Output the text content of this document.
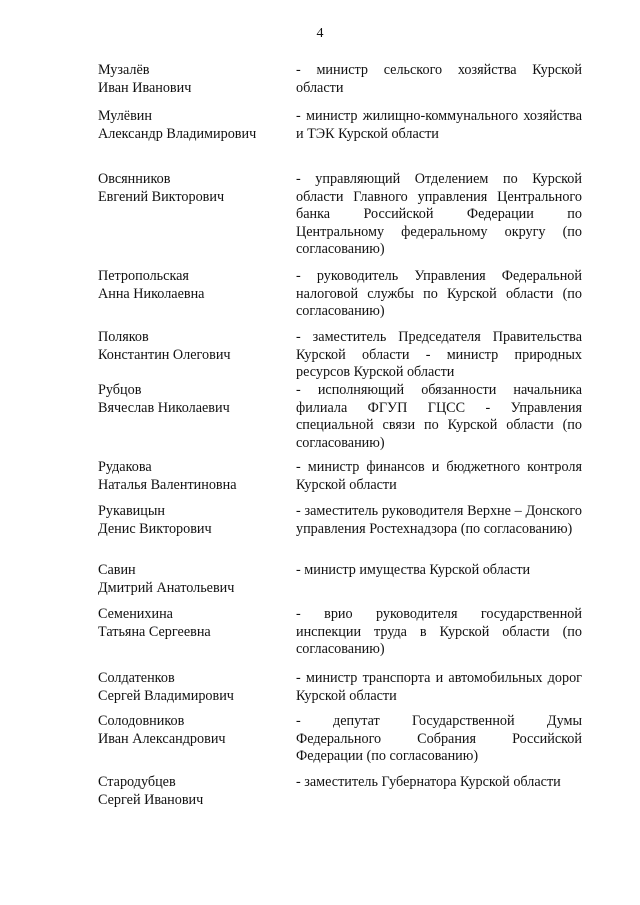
4
Музалёв
Иван Иванович
- министр сельского хозяйства Курской области
Мулёвин
Александр Владимирович
- министр жилищно-коммунального хозяйства и ТЭК Курской области
Овсянников
Евгений Викторович
- управляющий Отделением по Курской области Главного управления Центрального банка Российской Федерации по Центральному федеральному округу (по согласованию)
Петропольская
Анна Николаевна
- руководитель Управления Федеральной налоговой службы по Курской области (по согласованию)
Поляков
Константин Олегович
- заместитель Председателя Правительства Курской области - министр природных ресурсов Курской области
Рубцов
Вячеслав Николаевич
- исполняющий обязанности начальника филиала ФГУП ГЦСС - Управления специальной связи по Курской области (по согласованию)
Рудакова
Наталья Валентиновна
- министр финансов и бюджетного контроля Курской области
Рукавицын
Денис Викторович
- заместитель руководителя Верхне – Донского управления Ростехнадзора (по согласованию)
Савин
Дмитрий Анатольевич
- министр имущества Курской области
Семенихина
Татьяна Сергеевна
- врио руководителя государственной инспекции труда в Курской области (по согласованию)
Солдатенков
Сергей Владимирович
- министр транспорта и автомобильных дорог Курской области
Солодовников
Иван Александрович
- депутат Государственной Думы Федерального Собрания Российской Федерации (по согласованию)
Стародубцев
Сергей Иванович
- заместитель Губернатора Курской области
